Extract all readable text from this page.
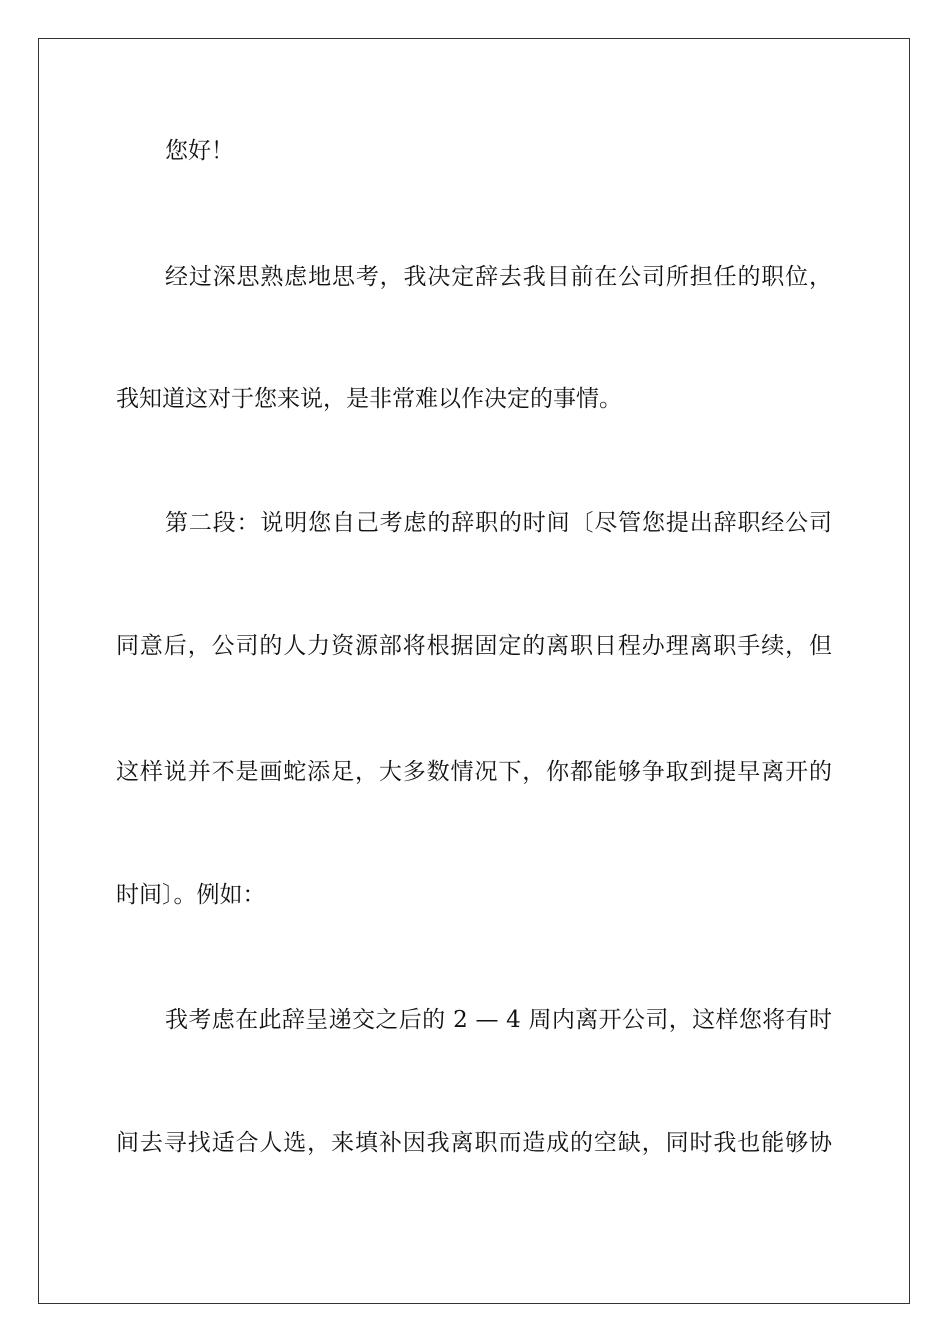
您好！
经过深思熟虑地思考，我决定辞去我目前在公司所担任的职位，
我知道这对于您来说，是非常难以作决定的事情。
第二段：说明您自己考虑的辞职的时间〔尽管您提出辞职经公司
同意后，公司的人力资源部将根据固定的离职日程办理离职手续，但
这样说并不是画蛇添足，大多数情况下，你都能够争取到提早离开的
时间〕。例如：
我考虑在此辞呈递交之后的 2 — 4 周内离开公司，这样您将有时
间去寻找适合人选，来填补因我离职而造成的空缺，同时我也能够协
